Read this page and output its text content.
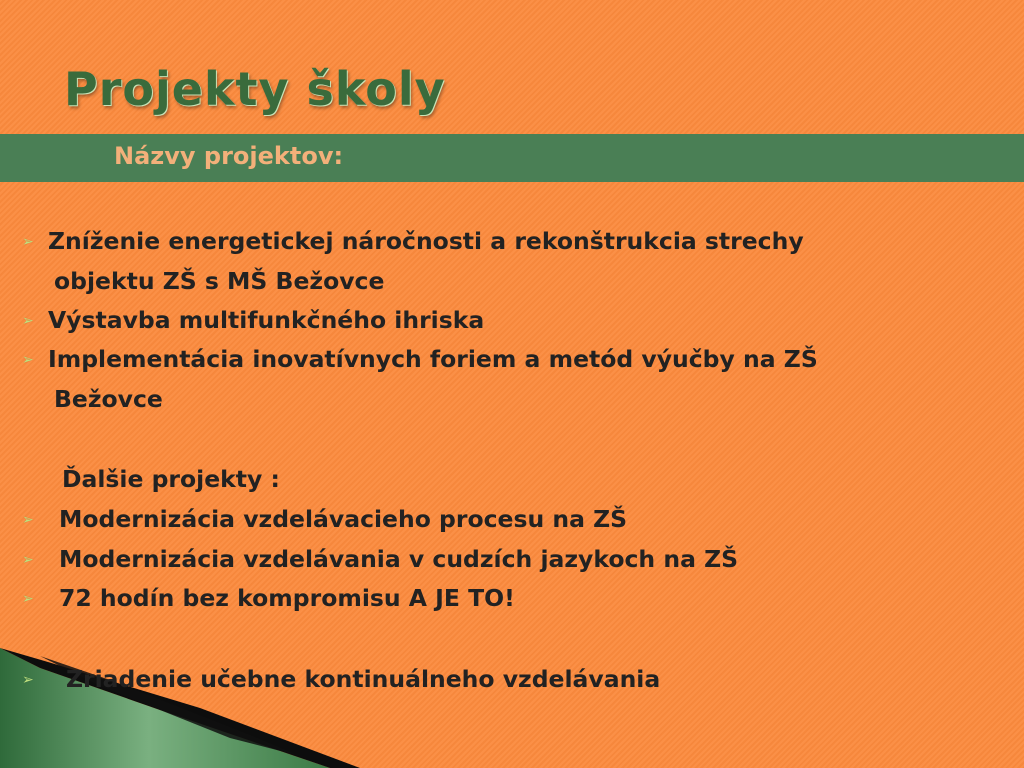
Projekty školy
Názvy projektov:
➢ Zníženie energetickej náročnosti a rekonštrukcia strechy
objektu ZŠ s MŠ Bežovce
➢ Výstavba multifunkčného ihriska
➢ Implementácia inovatívnych foriem a metód výučby na ZŠ
Bežovce
Ďalšie projekty :
➢ Modernizácia vzdelávacieho procesu na ZŠ
➢ Modernizácia vzdelávania v cudzích jazykoch na ZŠ
➢ 72 hodín bez kompromisu A JE TO!
➢ Zriadenie učebne kontinuálneho vzdelávania
